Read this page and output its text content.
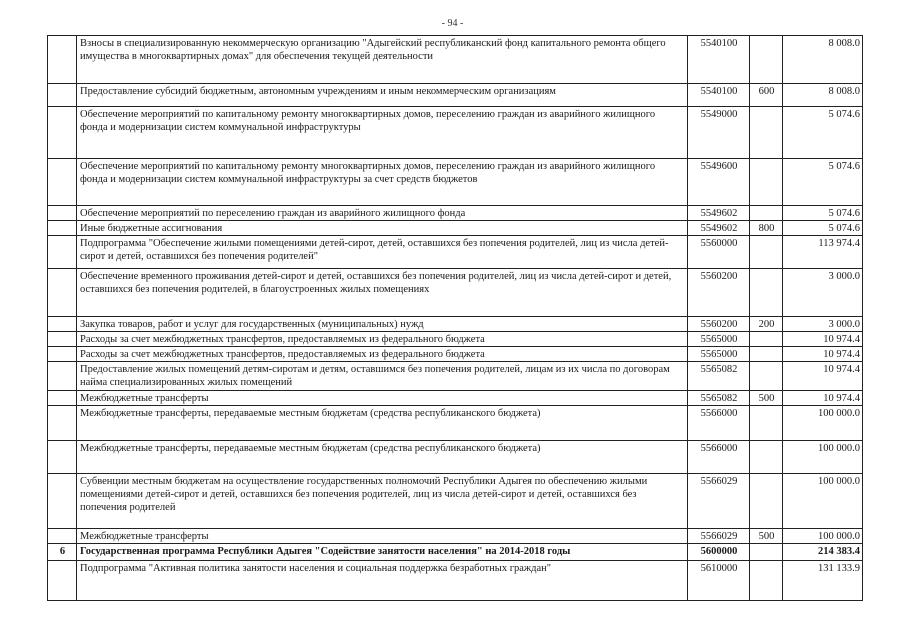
- 94 -
	Взносы в специализированную некоммерческую организацию "Адыгейский республиканский фонд капитального ремонта общего имущества в многоквартирных домах" для обеспечения текущей деятельности	5540100		8 008.0
	Предоставление субсидий бюджетным, автономным учреждениям и иным некоммерческим организациям	5540100	600	8 008.0
	Обеспечение мероприятий по капитальному ремонту многоквартирных домов, переселению граждан из аварийного жилищного фонда и модернизации систем коммунальной инфраструктуры	5549000		5 074.6
	Обеспечение мероприятий по капитальному ремонту многоквартирных домов, переселению граждан из аварийного жилищного фонда и модернизации систем коммунальной инфраструктуры за счет средств бюджетов	5549600		5 074.6
	Обеспечение мероприятий по переселению граждан из аварийного жилищного фонда	5549602		5 074.6
	Иные бюджетные ассигнования	5549602	800	5 074.6
	Подпрограмма "Обеспечение жилыми помещениями детей-сирот, детей, оставшихся без попечения родителей, лиц из числа детей-сирот и детей, оставшихся без попечения родителей"	5560000		113 974.4
	Обеспечение временного проживания детей-сирот и детей, оставшихся без попечения родителей, лиц из числа детей-сирот и детей, оставшихся без попечения родителей, в благоустроенных жилых помещениях	5560200		3 000.0
	Закупка товаров, работ и услуг для государственных (муниципальных) нужд	5560200	200	3 000.0
	Расходы за счет межбюджетных трансфертов, предоставляемых из федерального бюджета	5565000		10 974.4
	Расходы за счет межбюджетных трансфертов, предоставляемых из федерального бюджета	5565000		10 974.4
	Предоставление жилых помещений детям-сиротам и детям, оставшимся без попечения родителей, лицам из их числа по договорам найма специализированных жилых помещений	5565082		10 974.4
	Межбюджетные трансферты	5565082	500	10 974.4
	Межбюджетные трансферты, передаваемые местным бюджетам (средства республиканского бюджета)	5566000		100 000.0
	Межбюджетные трансферты, передаваемые местным бюджетам (средства республиканского бюджета)	5566000		100 000.0
	Субвенции местным бюджетам на осуществление государственных полномочий Республики Адыгея по обеспечению жилыми помещениями детей-сирот и детей, оставшихся без попечения родителей, лиц из числа детей-сирот и детей, оставшихся без попечения родителей	5566029		100 000.0
	Межбюджетные трансферты	5566029	500	100 000.0
6	Государственная программа Республики Адыгея "Содействие занятости населения" на 2014-2018 годы	5600000		214 383.4
	Подпрограмма "Активная политика занятости населения и социальная поддержка безработных граждан"	5610000		131 133.9
